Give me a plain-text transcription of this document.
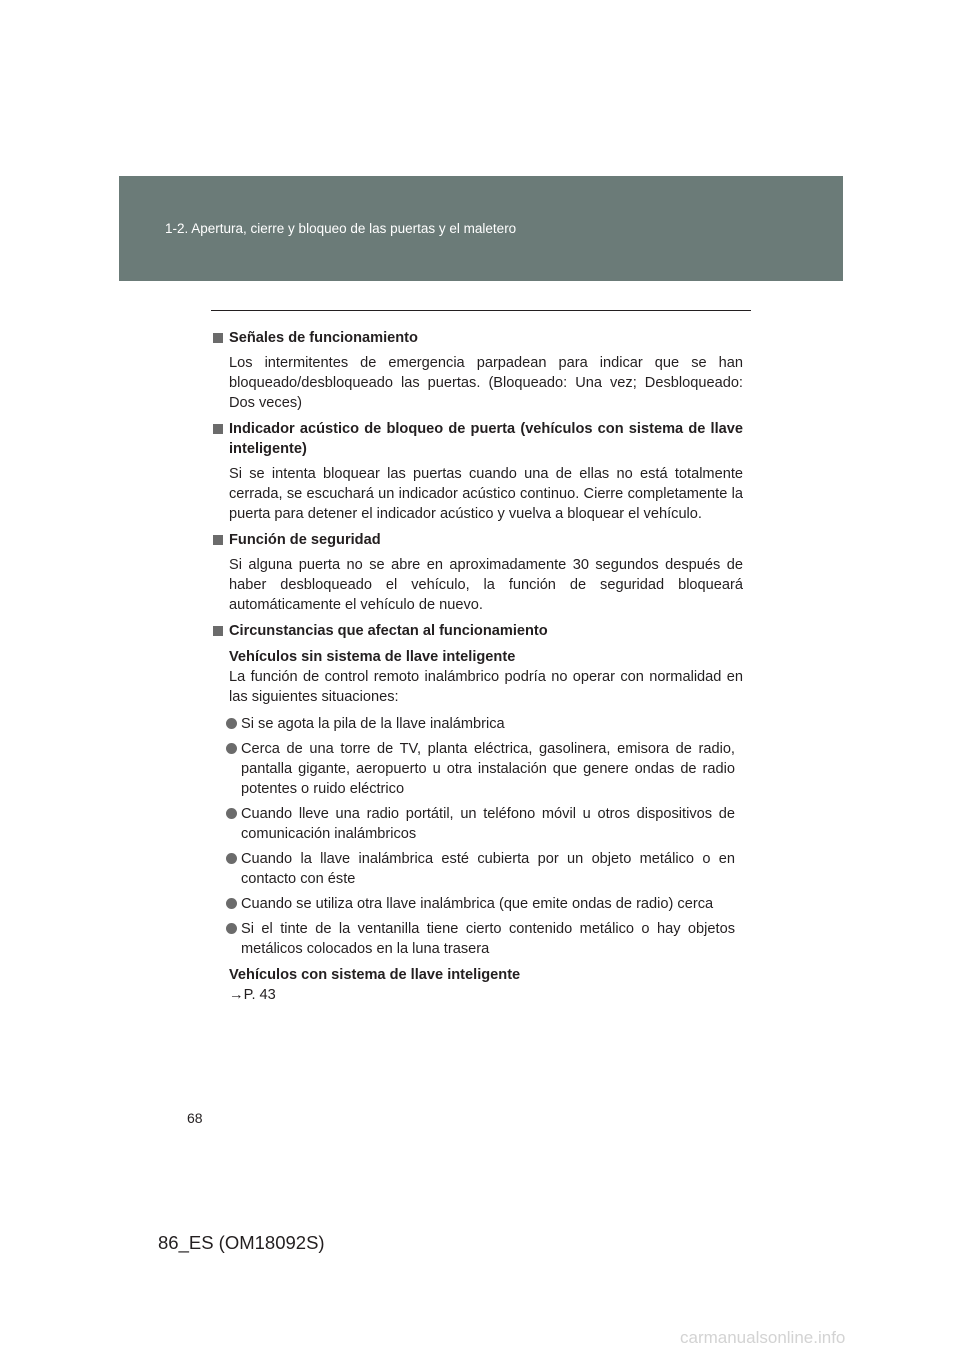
1-2. Apertura, cierre y bloqueo de las puertas y el maletero
Señales de funcionamiento
Los intermitentes de emergencia parpadean para indicar que se han bloqueado/desbloqueado las puertas. (Bloqueado: Una vez; Desbloqueado: Dos veces)
Indicador acústico de bloqueo de puerta (vehículos con sistema de llave inteligente)
Si se intenta bloquear las puertas cuando una de ellas no está totalmente cerrada, se escuchará un indicador acústico continuo. Cierre completamente la puerta para detener el indicador acústico y vuelva a bloquear el vehículo.
Función de seguridad
Si alguna puerta no se abre en aproximadamente 30 segundos después de haber desbloqueado el vehículo, la función de seguridad bloqueará automáticamente el vehículo de nuevo.
Circunstancias que afectan al funcionamiento
Vehículos sin sistema de llave inteligente
La función de control remoto inalámbrico podría no operar con normalidad en las siguientes situaciones:
Si se agota la pila de la llave inalámbrica
Cerca de una torre de TV, planta eléctrica, gasolinera, emisora de radio, pantalla gigante, aeropuerto u otra instalación que genere ondas de radio potentes o ruido eléctrico
Cuando lleve una radio portátil, un teléfono móvil u otros dispositivos de comunicación inalámbricos
Cuando la llave inalámbrica esté cubierta por un objeto metálico o en contacto con éste
Cuando se utiliza otra llave inalámbrica (que emite ondas de radio) cerca
Si el tinte de la ventanilla tiene cierto contenido metálico o hay objetos metálicos colocados en la luna trasera
Vehículos con sistema de llave inteligente
→P. 43
68
86_ES (OM18092S)
carmanualsonline.info
